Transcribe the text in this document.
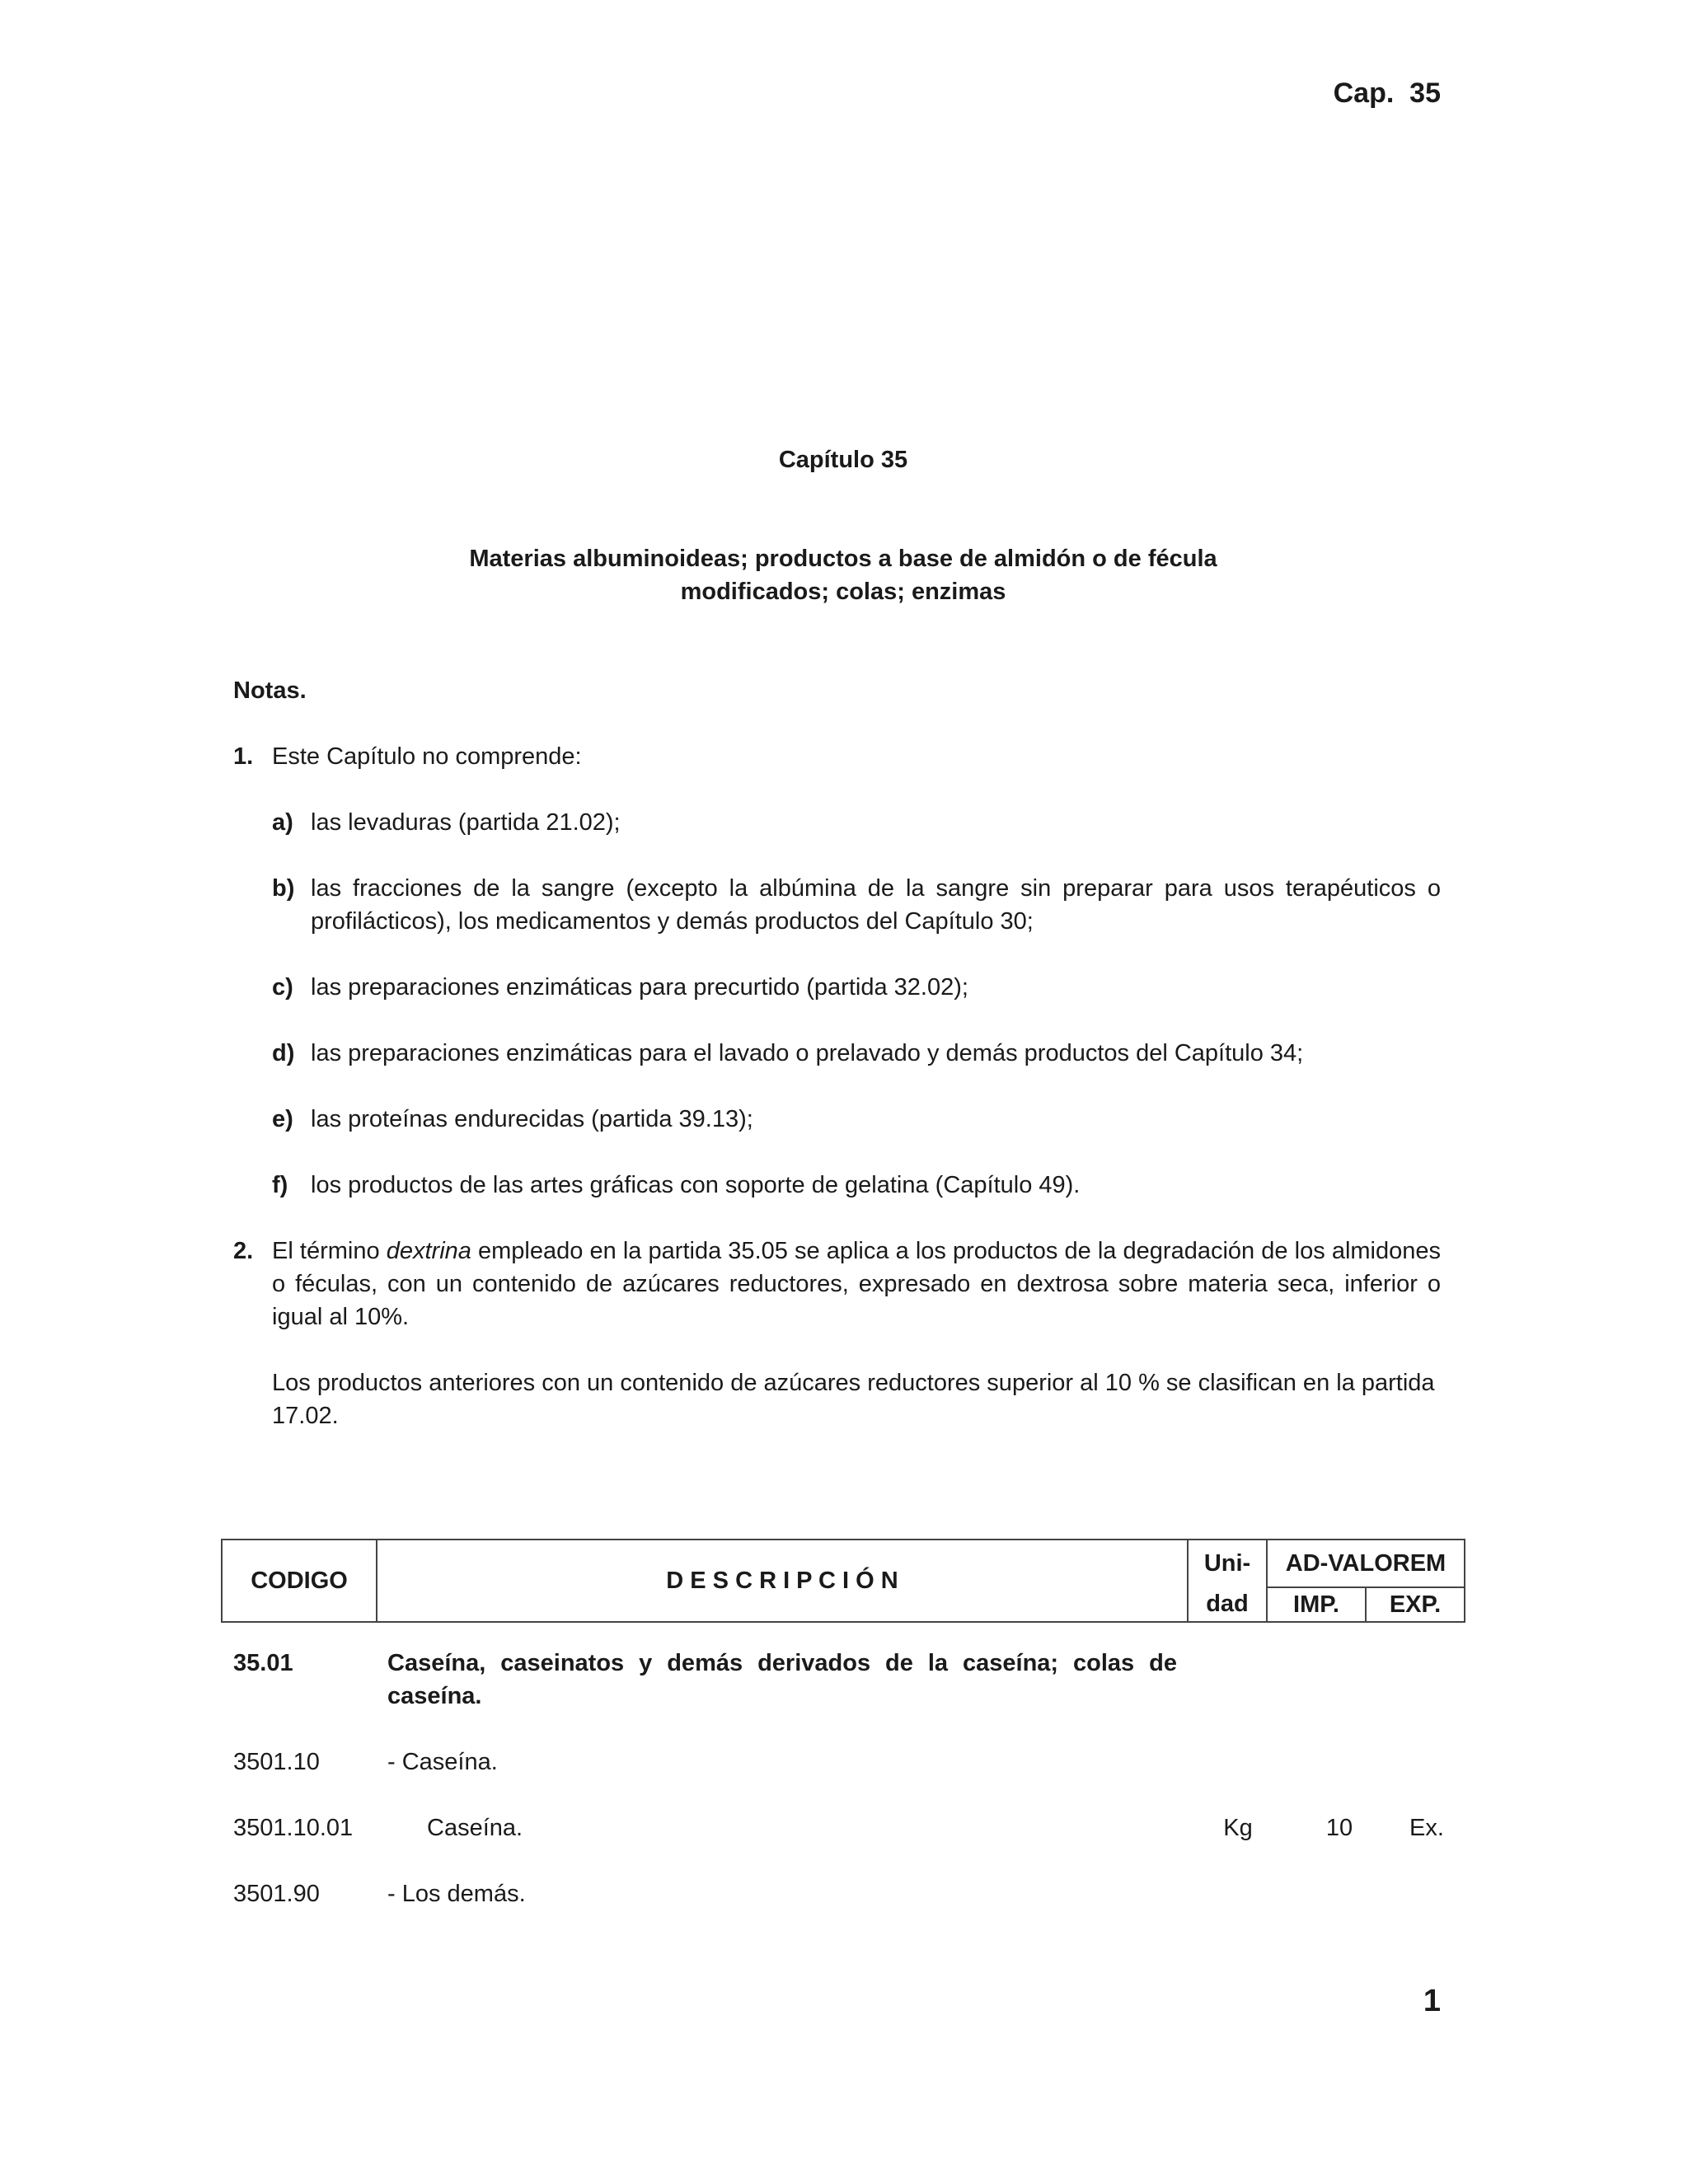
Cap.  35
Capítulo 35
Materias albuminoideas; productos a base de almidón o de fécula
modificados; colas; enzimas
Notas.
1. Este Capítulo no comprende:
a) las levaduras (partida 21.02);
b) las fracciones de la sangre (excepto la albúmina de la sangre sin preparar para usos terapéuticos o profilácticos), los medicamentos y demás productos del Capítulo 30;
c) las preparaciones enzimáticas para precurtido (partida 32.02);
d) las preparaciones enzimáticas para el lavado o prelavado y demás productos del Capítulo 34;
e) las proteínas endurecidas (partida 39.13);
f) los productos de las artes gráficas con soporte de gelatina (Capítulo 49).
2. El término dextrina empleado en la partida 35.05 se aplica a los productos de la degradación de los almidones o féculas, con un contenido de azúcares reductores, expresado en dextrosa sobre materia seca, inferior o igual al 10%.
Los productos anteriores con un contenido de azúcares reductores superior al 10 % se clasifican en la partida 17.02.
CODIGO	D E S C R I P C I Ó N	Uni-	AD-VALOREM	
		dad	IMP.	EXP.
35.01	Caseína, caseinatos y demás derivados de la caseína; colas de caseína.
3501.10	- Caseína.
3501.10.01	Caseína.	Kg	10	Ex.
3501.90	- Los demás.
1
